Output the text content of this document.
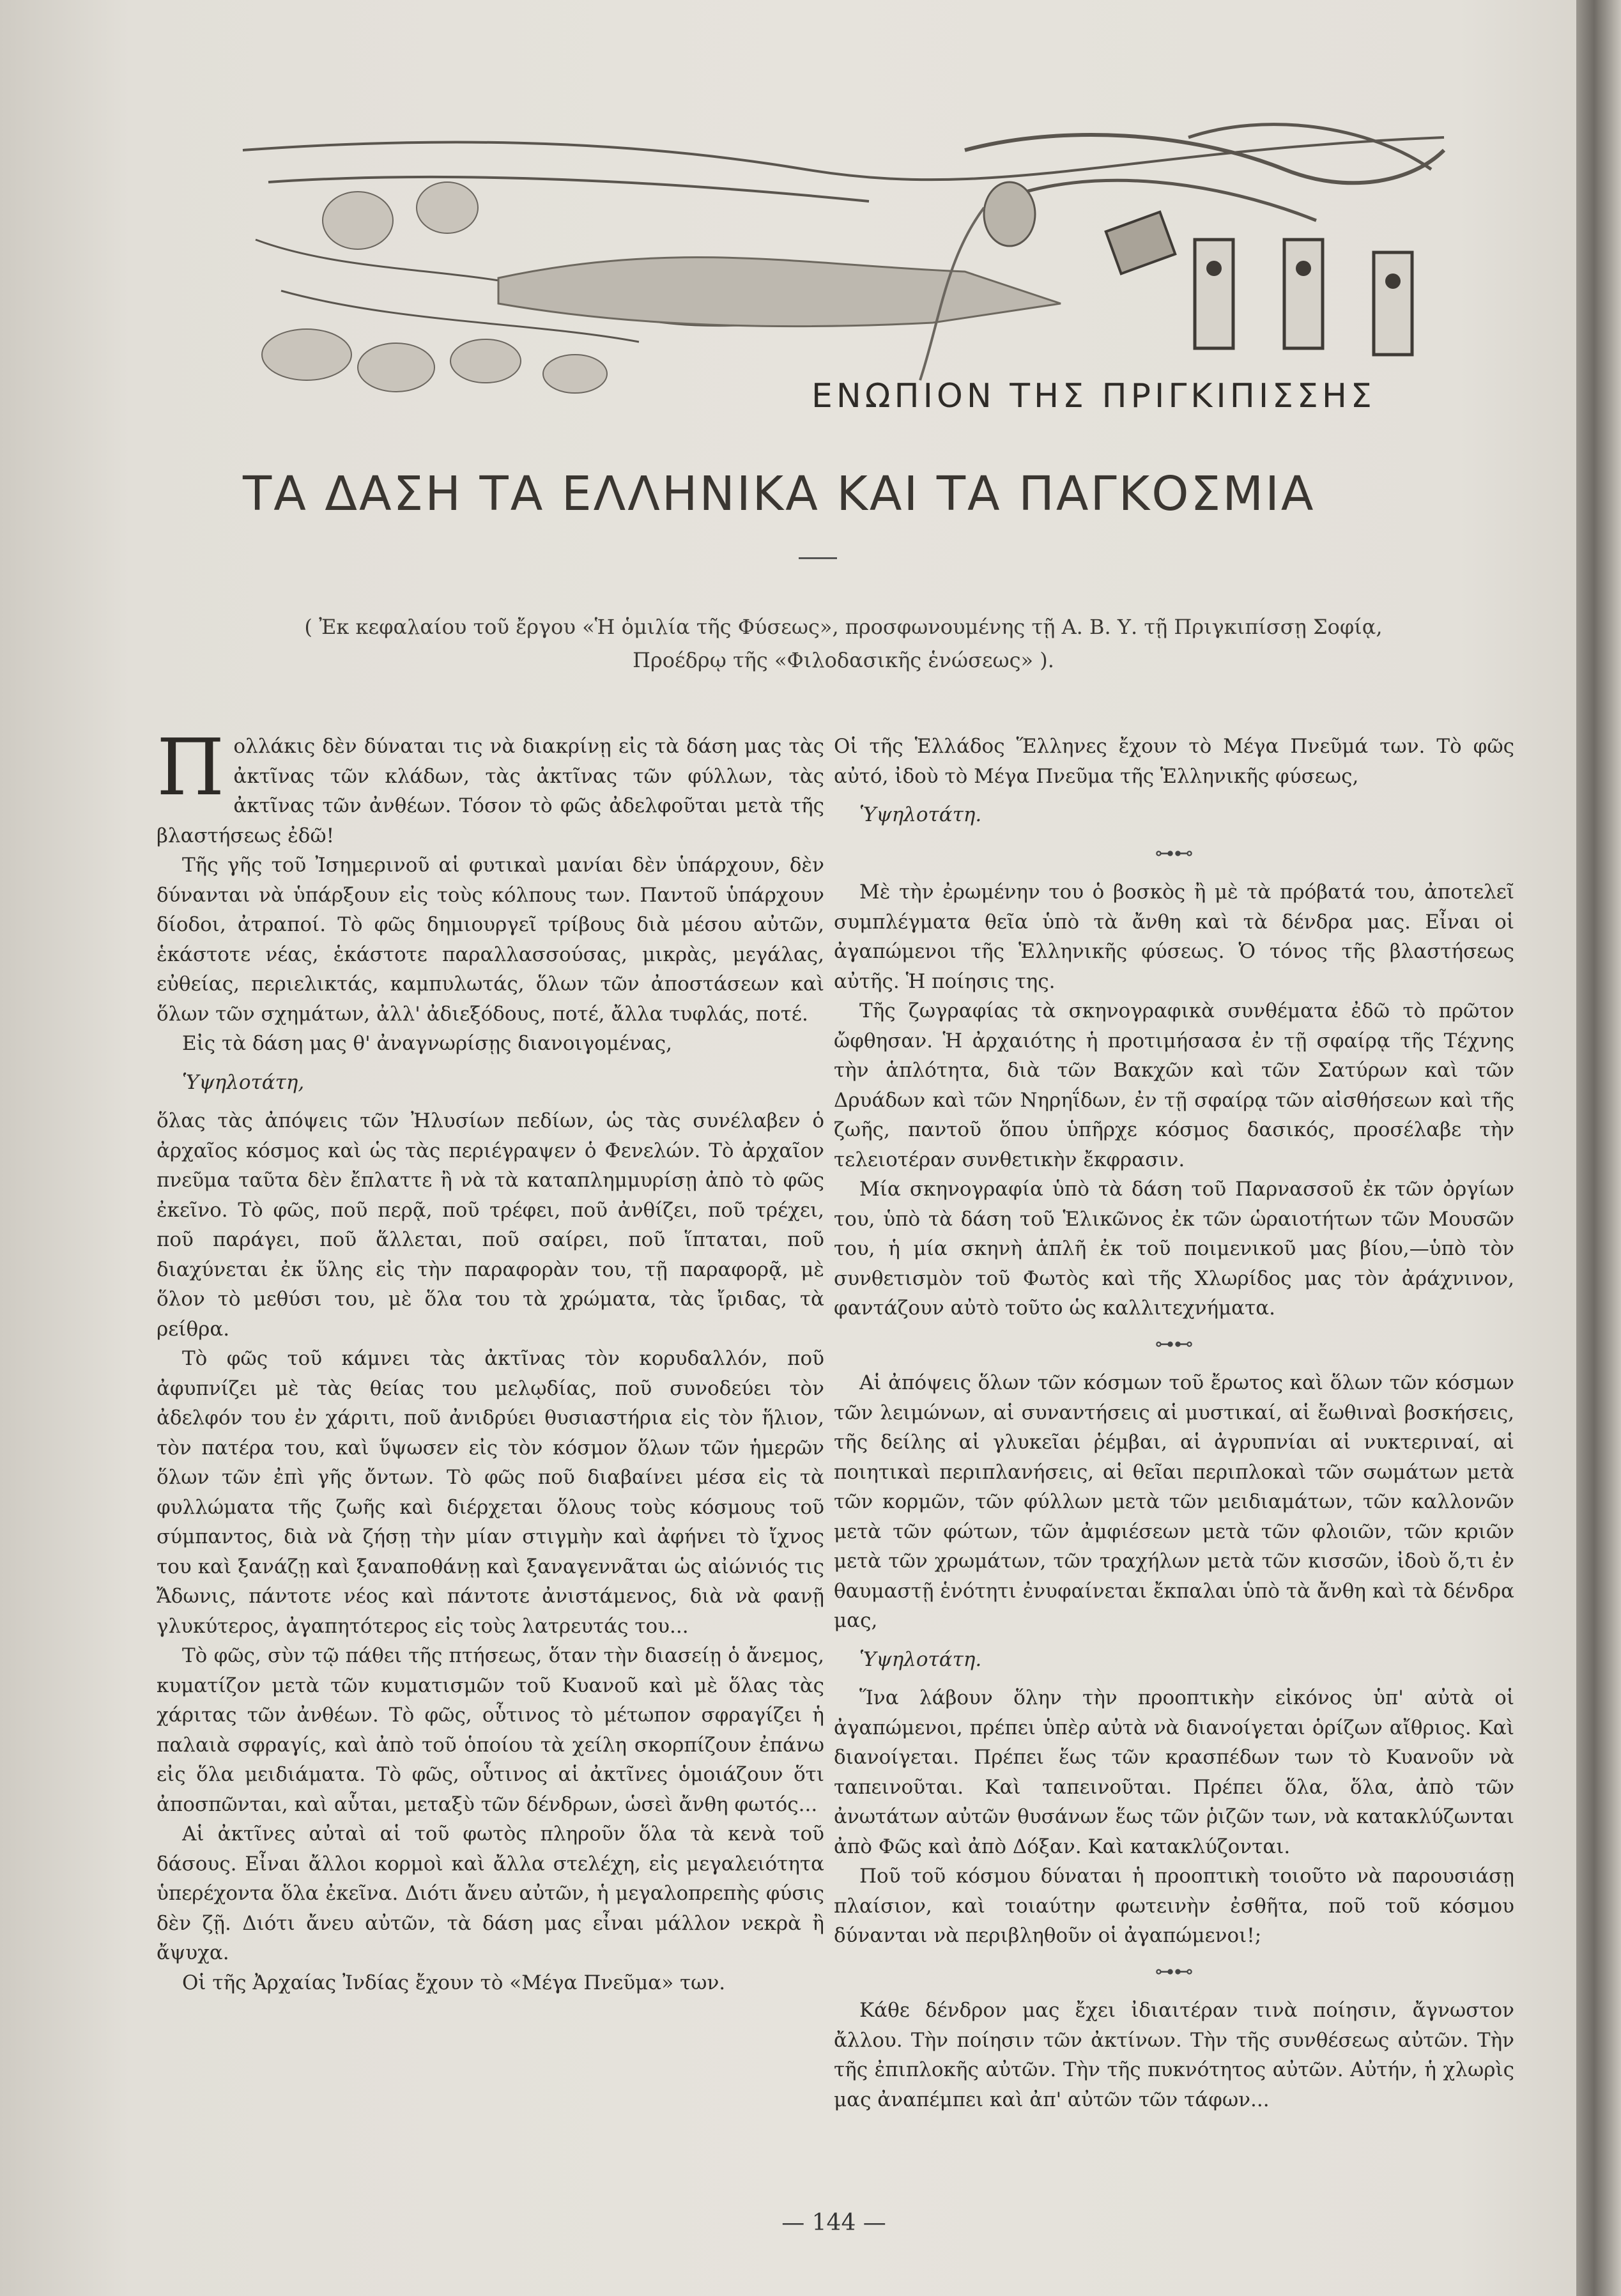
ΕΝΩΠΙΟΝ ΤΗΣ ΠΡΙΓΚΙΠΙΣΣΗΣ
ΤΑ ΔΑΣΗ ΤΑ ΕΛΛΗΝΙΚΑ ΚΑΙ ΤΑ ΠΑΓΚΟΣΜΙΑ
( Ἐκ κεφαλαίου τοῦ ἔργου «Ἡ ὁμιλία τῆς Φύσεως», προσφωνουμένης τῇ Α. Β. Υ. τῇ Πριγκιπίσσῃ Σοφίᾳ,
Προέδρῳ τῆς «Φιλοδασικῆς ἑνώσεως» ).

Πολλάκις δὲν δύναται τις νὰ διακρίνῃ εἰς τὰ δάση μας τὰς ἀκτῖνας τῶν κλάδων, τὰς ἀκτῖνας τῶν φύλλων, τὰς ἀκτῖνας τῶν ἀνθέων. Τόσον τὸ φῶς ἀδελφοῦται μετὰ τῆς βλαστήσεως ἐδῶ!

Τῆς γῆς τοῦ Ἰσημερινοῦ αἱ φυτικαὶ μανίαι δὲν ὑπάρχουν, δὲν δύνανται νὰ ὑπάρξουν εἰς τοὺς κόλπους των. Παντοῦ ὑπάρχουν δίοδοι, ἀτραποί. Τὸ φῶς δημιουργεῖ τρίβους διὰ μέσου αὐτῶν, ἑκάστοτε νέας, ἑκάστοτε παραλλασσούσας, μικρὰς, μεγάλας, εὐθείας, περιελικτάς, καμπυλωτάς, ὅλων τῶν ἀποστάσεων καὶ ὅλων τῶν σχημάτων, ἀλλ' ἀδιεξόδους, ποτέ, ἄλλα τυφλάς, ποτέ.

Εἰς τὰ δάση μας θ' ἀναγνωρίσῃς διανοιγομένας,

Ὑψηλοτάτη,

ὅλας τὰς ἀπόψεις τῶν Ἠλυσίων πεδίων, ὡς τὰς συνέλαβεν ὁ ἀρχαῖος κόσμος καὶ ὡς τὰς περιέγραψεν ὁ Φενελών. Τὸ ἀρχαῖον πνεῦμα ταῦτα δὲν ἔπλαττε ἢ νὰ τὰ καταπλημμυρίσῃ ἀπὸ τὸ φῶς ἐκεῖνο. Τὸ φῶς, ποῦ περᾷ, ποῦ τρέφει, ποῦ ἀνθίζει, ποῦ τρέχει, ποῦ παράγει, ποῦ ἅλλεται, ποῦ σαίρει, ποῦ ἵπταται, ποῦ διαχύνεται ἐκ ὕλης εἰς τὴν παραφορὰν του, τῇ παραφορᾷ, μὲ ὅλον τὸ μεθύσι του, μὲ ὅλα του τὰ χρώματα, τὰς ἴριδας, τὰ ρείθρα.

Τὸ φῶς τοῦ κάμνει τὰς ἀκτῖνας τὸν κορυδαλλόν, ποῦ ἀφυπνίζει μὲ τὰς θείας του μελῳδίας, ποῦ συνοδεύει τὸν ἀδελφόν του ἐν χάριτι, ποῦ ἀνιδρύει θυσιαστήρια εἰς τὸν ἥλιον, τὸν πατέρα του, καὶ ὕψωσεν εἰς τὸν κόσμον ὅλων τῶν ἡμερῶν ὅλων τῶν ἐπὶ γῆς ὄντων. Τὸ φῶς ποῦ διαβαίνει μέσα εἰς τὰ φυλλώματα τῆς ζωῆς καὶ διέρχεται ὅλους τοὺς κόσμους τοῦ σύμπαντος, διὰ νὰ ζήσῃ τὴν μίαν στιγμὴν καὶ ἀφήνει τὸ ἴχνος του καὶ ξανάζῃ καὶ ξαναποθάνῃ καὶ ξαναγεννᾶται ὡς αἰώνιός τις Ἄδωνις, πάντοτε νέος καὶ πάντοτε ἀνιστάμενος, διὰ νὰ φανῇ γλυκύτερος, ἀγαπητότερος εἰς τοὺς λατρευτάς του...

Τὸ φῶς, σὺν τῷ πάθει τῆς πτήσεως, ὅταν τὴν διασείῃ ὁ ἄνεμος, κυματίζον μετὰ τῶν κυματισμῶν τοῦ Κυανοῦ καὶ μὲ ὅλας τὰς χάριτας τῶν ἀνθέων. Τὸ φῶς, οὗτινος τὸ μέτωπον σφραγίζει ἡ παλαιὰ σφραγίς, καὶ ἀπὸ τοῦ ὁποίου τὰ χείλη σκορπίζουν ἐπάνω εἰς ὅλα μειδιάματα. Τὸ φῶς, οὗτινος αἱ ἀκτῖνες ὁμοιάζουν ὅτι ἀποσπῶνται, καὶ αὗται, μεταξὺ τῶν δένδρων, ὡσεὶ ἄνθη φωτός...

Αἱ ἀκτῖνες αὐταὶ αἱ τοῦ φωτὸς πληροῦν ὅλα τὰ κενὰ τοῦ δάσους. Εἶναι ἄλλοι κορμοὶ καὶ ἄλλα στελέχη, εἰς μεγαλειότητα ὑπερέχοντα ὅλα ἐκεῖνα. Διότι ἄνευ αὐτῶν, ἡ μεγαλοπρεπὴς φύσις δὲν ζῇ. Διότι ἄνευ αὐτῶν, τὰ δάση μας εἶναι μάλλον νεκρὰ ἢ ἄψυχα.

Οἱ τῆς Ἀρχαίας Ἰνδίας ἔχουν τὸ «Μέγα Πνεῦμα» των.

Οἱ τῆς Ἑλλάδος Ἕλληνες ἔχουν τὸ Μέγα Πνεῦμά των. Τὸ φῶς αὐτό, ἰδοὺ τὸ Μέγα Πνεῦμα τῆς Ἑλληνικῆς φύσεως,

Ὑψηλοτάτη.

⊶⊷

Μὲ τὴν ἐρωμένην του ὁ βοσκὸς ἢ μὲ τὰ πρόβατά του, ἀποτελεῖ συμπλέγματα θεῖα ὑπὸ τὰ ἄνθη καὶ τὰ δένδρα μας. Εἶναι οἱ ἀγαπώμενοι τῆς Ἑλληνικῆς φύσεως. Ὁ τόνος τῆς βλαστήσεως αὐτῆς. Ἡ ποίησις της.

Τῆς ζωγραφίας τὰ σκηνογραφικὰ συνθέματα ἐδῶ τὸ πρῶτον ὤφθησαν. Ἡ ἀρχαιότης ἡ προτιμήσασα ἐν τῇ σφαίρᾳ τῆς Τέχνης τὴν ἁπλότητα, διὰ τῶν Βακχῶν καὶ τῶν Σατύρων καὶ τῶν Δρυάδων καὶ τῶν Νηρηΐδων, ἐν τῇ σφαίρᾳ τῶν αἰσθήσεων καὶ τῆς ζωῆς, παντοῦ ὅπου ὑπῆρχε κόσμος δασικός, προσέλαβε τὴν τελειοτέραν συνθετικὴν ἔκφρασιν.

Μία σκηνογραφία ὑπὸ τὰ δάση τοῦ Παρνασσοῦ ἐκ τῶν ὀργίων του, ὑπὸ τὰ δάση τοῦ Ἑλικῶνος ἐκ τῶν ὡραιοτήτων τῶν Μουσῶν του, ἡ μία σκηνὴ ἁπλῆ ἐκ τοῦ ποιμενικοῦ μας βίου,—ὑπὸ τὸν συνθετισμὸν τοῦ Φωτὸς καὶ τῆς Χλωρίδος μας τὸν ἀράχνινον, φαντάζουν αὐτὸ τοῦτο ὡς καλλιτεχνήματα.

⊶⊷

Αἱ ἀπόψεις ὅλων τῶν κόσμων τοῦ ἔρωτος καὶ ὅλων τῶν κόσμων τῶν λειμώνων, αἱ συναντήσεις αἱ μυστικαί, αἱ ἔωθιναὶ βοσκήσεις, τῆς δείλης αἱ γλυκεῖαι ῥέμβαι, αἱ ἀγρυπνίαι αἱ νυκτεριναί, αἱ ποιητικαὶ περιπλανήσεις, αἱ θεῖαι περιπλοκαὶ τῶν σωμάτων μετὰ τῶν κορμῶν, τῶν φύλλων μετὰ τῶν μειδιαμάτων, τῶν καλλονῶν μετὰ τῶν φώτων, τῶν ἀμφιέσεων μετὰ τῶν φλοιῶν, τῶν κριῶν μετὰ τῶν χρωμάτων, τῶν τραχήλων μετὰ τῶν κισσῶν, ἰδοὺ ὅ,τι ἐν θαυμαστῇ ἑνότητι ἐνυφαίνεται ἔκπαλαι ὑπὸ τὰ ἄνθη καὶ τὰ δένδρα μας,

Ὑψηλοτάτη.

Ἵνα λάβουν ὅλην τὴν προοπτικὴν εἰκόνος ὑπ' αὐτὰ οἱ ἀγαπώμενοι, πρέπει ὑπὲρ αὐτὰ νὰ διανοίγεται ὁρίζων αἴθριος. Καὶ διανοίγεται. Πρέπει ἕως τῶν κρασπέδων των τὸ Κυανοῦν νὰ ταπεινοῦται. Καὶ ταπεινοῦται. Πρέπει ὅλα, ὅλα, ἀπὸ τῶν ἀνωτάτων αὐτῶν θυσάνων ἕως τῶν ῥιζῶν των, νὰ κατακλύζωνται ἀπὸ Φῶς καὶ ἀπὸ Δόξαν. Καὶ κατακλύζονται.

Ποῦ τοῦ κόσμου δύναται ἡ προοπτικὴ τοιοῦτο νὰ παρουσιάσῃ πλαίσιον, καὶ τοιαύτην φωτεινὴν ἐσθῆτα, ποῦ τοῦ κόσμου δύνανται νὰ περιβληθοῦν οἱ ἀγαπώμενοι!;

⊶⊷

Κάθε δένδρον μας ἔχει ἰδιαιτέραν τινὰ ποίησιν, ἄγνωστον ἄλλου. Τὴν ποίησιν τῶν ἀκτίνων. Τὴν τῆς συνθέσεως αὐτῶν. Τὴν τῆς ἐπιπλοκῆς αὐτῶν. Τὴν τῆς πυκνότητος αὐτῶν. Αὐτήν, ἡ χλωρὶς μας ἀναπέμπει καὶ ἀπ' αὐτῶν τῶν τάφων...

— 144 —
